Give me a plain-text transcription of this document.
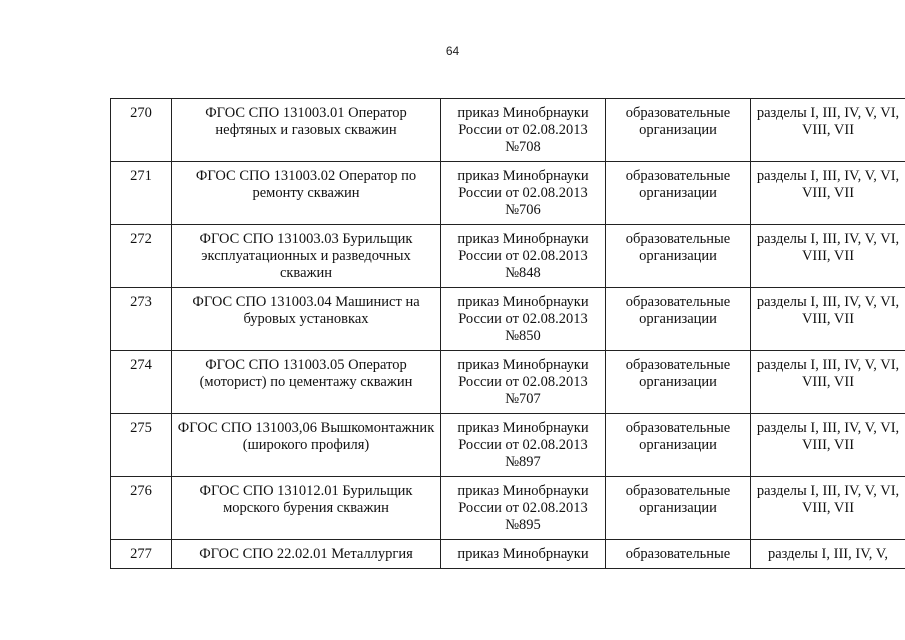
64
270	ФГОС СПО 131003.01 Оператор нефтяных и газовых скважин	приказ Минобрнауки России от 02.08.2013 №708	образовательные организации	разделы I, III, IV, V, VI, VIII, VII
271	ФГОС СПО 131003.02 Оператор по ремонту скважин	приказ Минобрнауки России от 02.08.2013 №706	образовательные организации	разделы I, III, IV, V, VI, VIII, VII
272	ФГОС СПО 131003.03 Бурильщик эксплуатационных и разведочных скважин	приказ Минобрнауки России от 02.08.2013 №848	образовательные организации	разделы I, III, IV, V, VI, VIII, VII
273	ФГОС СПО 131003.04 Машинист на буровых установках	приказ Минобрнауки России от 02.08.2013 №850	образовательные организации	разделы I, III, IV, V, VI, VIII, VII
274	ФГОС СПО 131003.05 Оператор (моторист) по цементажу скважин	приказ Минобрнауки России от 02.08.2013 №707	образовательные организации	разделы I, III, IV, V, VI, VIII, VII
275	ФГОС СПО 131003,06 Вышкомонтажник (широкого профиля)	приказ Минобрнауки России от 02.08.2013 №897	образовательные организации	разделы I, III, IV, V, VI, VIII, VII
276	ФГОС СПО 131012.01 Бурильщик морского бурения скважин	приказ Минобрнауки России от 02.08.2013 №895	образовательные организации	разделы I, III, IV, V, VI, VIII, VII
277	ФГОС СПО 22.02.01 Металлургия	приказ Минобрнауки	образовательные	разделы I, III, IV, V,
